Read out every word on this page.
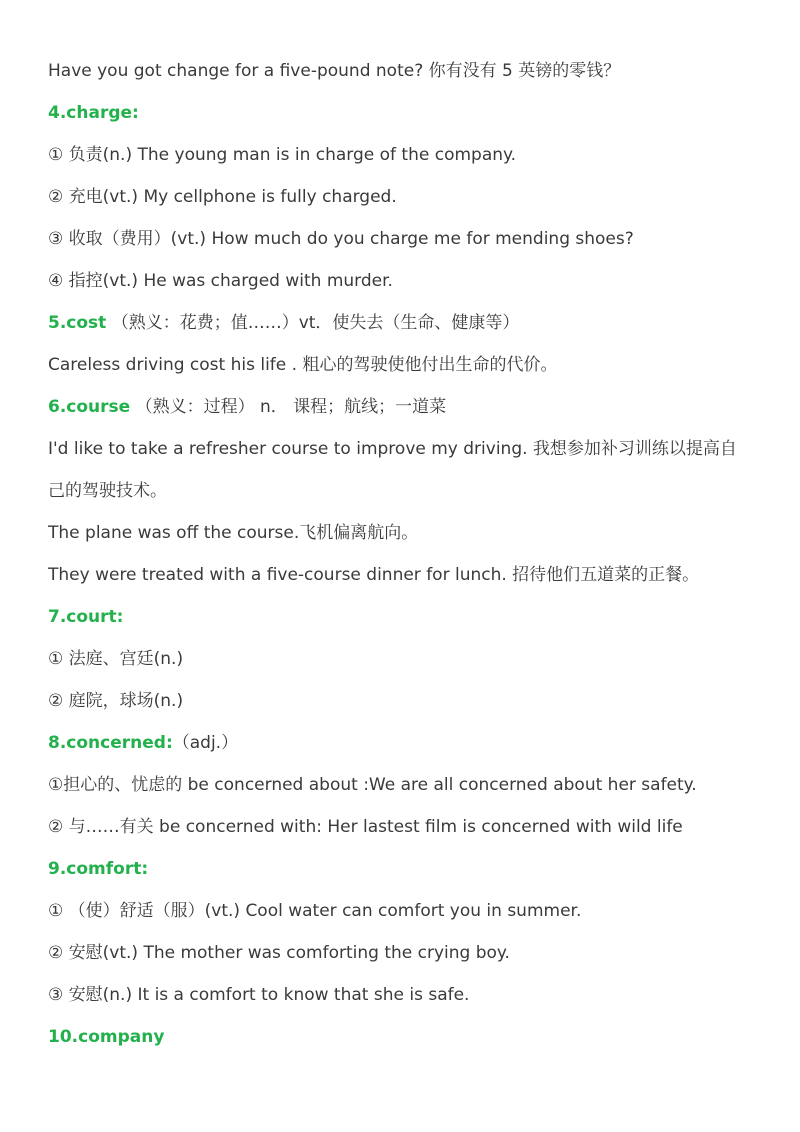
Have you got change for a five-pound note? 你有没有 5 英镑的零钱？
4.charge:
① 负责(n.) The young man is in charge of the company.
② 充电(vt.) My cellphone is fully charged.
③ 收取（费用）(vt.) How much do you charge me for mending shoes?
④ 指控(vt.) He was charged with murder.
5.cost （熟义：花费；值……）vt．使失去（生命、健康等）
Careless driving cost his life . 粗心的驾驶使他付出生命的代价。
6.course （熟义：过程） n． 课程；航线；一道菜
I'd like to take a refresher course to improve my driving. 我想参加补习训练以提高自
己的驾驶技术。
The plane was off the course.飞机偏离航向。
They were treated with a five-course dinner for lunch. 招待他们五道菜的正餐。
7.court:
① 法庭、宫廷(n.)
② 庭院，球场(n.)
8.concerned:（adj.）
①担心的、忧虑的 be concerned about :We are all concerned about her safety.
② 与……有关 be concerned with: Her lastest film is concerned with wild life
9.comfort:
① （使）舒适（服）(vt.) Cool water can comfort you in summer.
② 安慰(vt.) The mother was comforting the crying boy.
③ 安慰(n.) It is a comfort to know that she is safe.
10.company
